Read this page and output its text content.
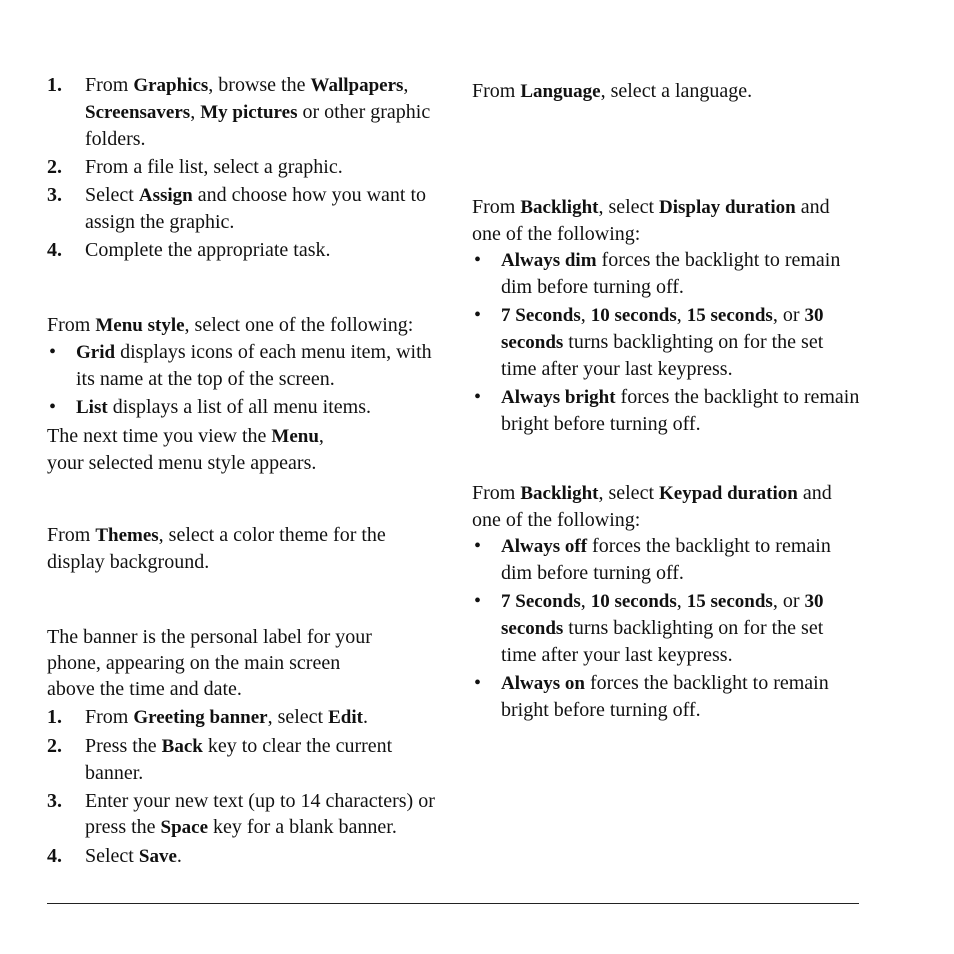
1. From Graphics, browse the Wallpapers, Screensavers, My pictures or other graphic folders.
2. From a file list, select a graphic.
3. Select Assign and choose how you want to assign the graphic.
4. Complete the appropriate task.

From Menu style, select one of the following:

• Grid displays icons of each menu item, with its name at the top of the screen.
• List displays a list of all menu items.

The next time you view the Menu, your selected menu style appears.

From Themes, select a color theme for the display background.

The banner is the personal label for your phone, appearing on the main screen above the time and date.

1. From Greeting banner, select Edit.
2. Press the Back key to clear the current banner.
3. Enter your new text (up to 14 characters) or press the Space key for a blank banner.
4. Select Save.

From Language, select a language.

From Backlight, select Display duration and one of the following:

• Always dim forces the backlight to remain dim before turning off.
• 7 Seconds, 10 seconds, 15 seconds, or 30 seconds turns backlighting on for the set time after your last keypress.
• Always bright forces the backlight to remain bright before turning off.

From Backlight, select Keypad duration and one of the following:

• Always off forces the backlight to remain dim before turning off.
• 7 Seconds, 10 seconds, 15 seconds, or 30 seconds turns backlighting on for the set time after your last keypress.
• Always on forces the backlight to remain bright before turning off.
